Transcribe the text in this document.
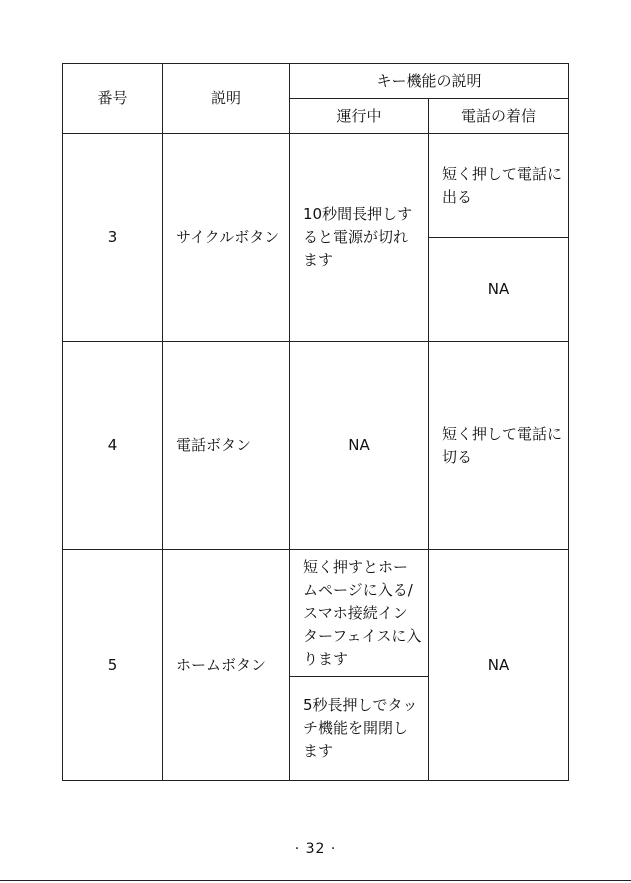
番号	説明	キー機能の説明	
		運行中	電話の着信
3	サイクルボタン	10秒間長押しすると電源が切れます	短く押して電話に出る
			NA
4	電話ボタン	NA	短く押して電話に切る
5	ホームボタン	短く押すとホームページに入る/スマホ接続インターフェイスに入ります	NA
		5秒長押しでタッチ機能を開閉します	
· 32 ·
